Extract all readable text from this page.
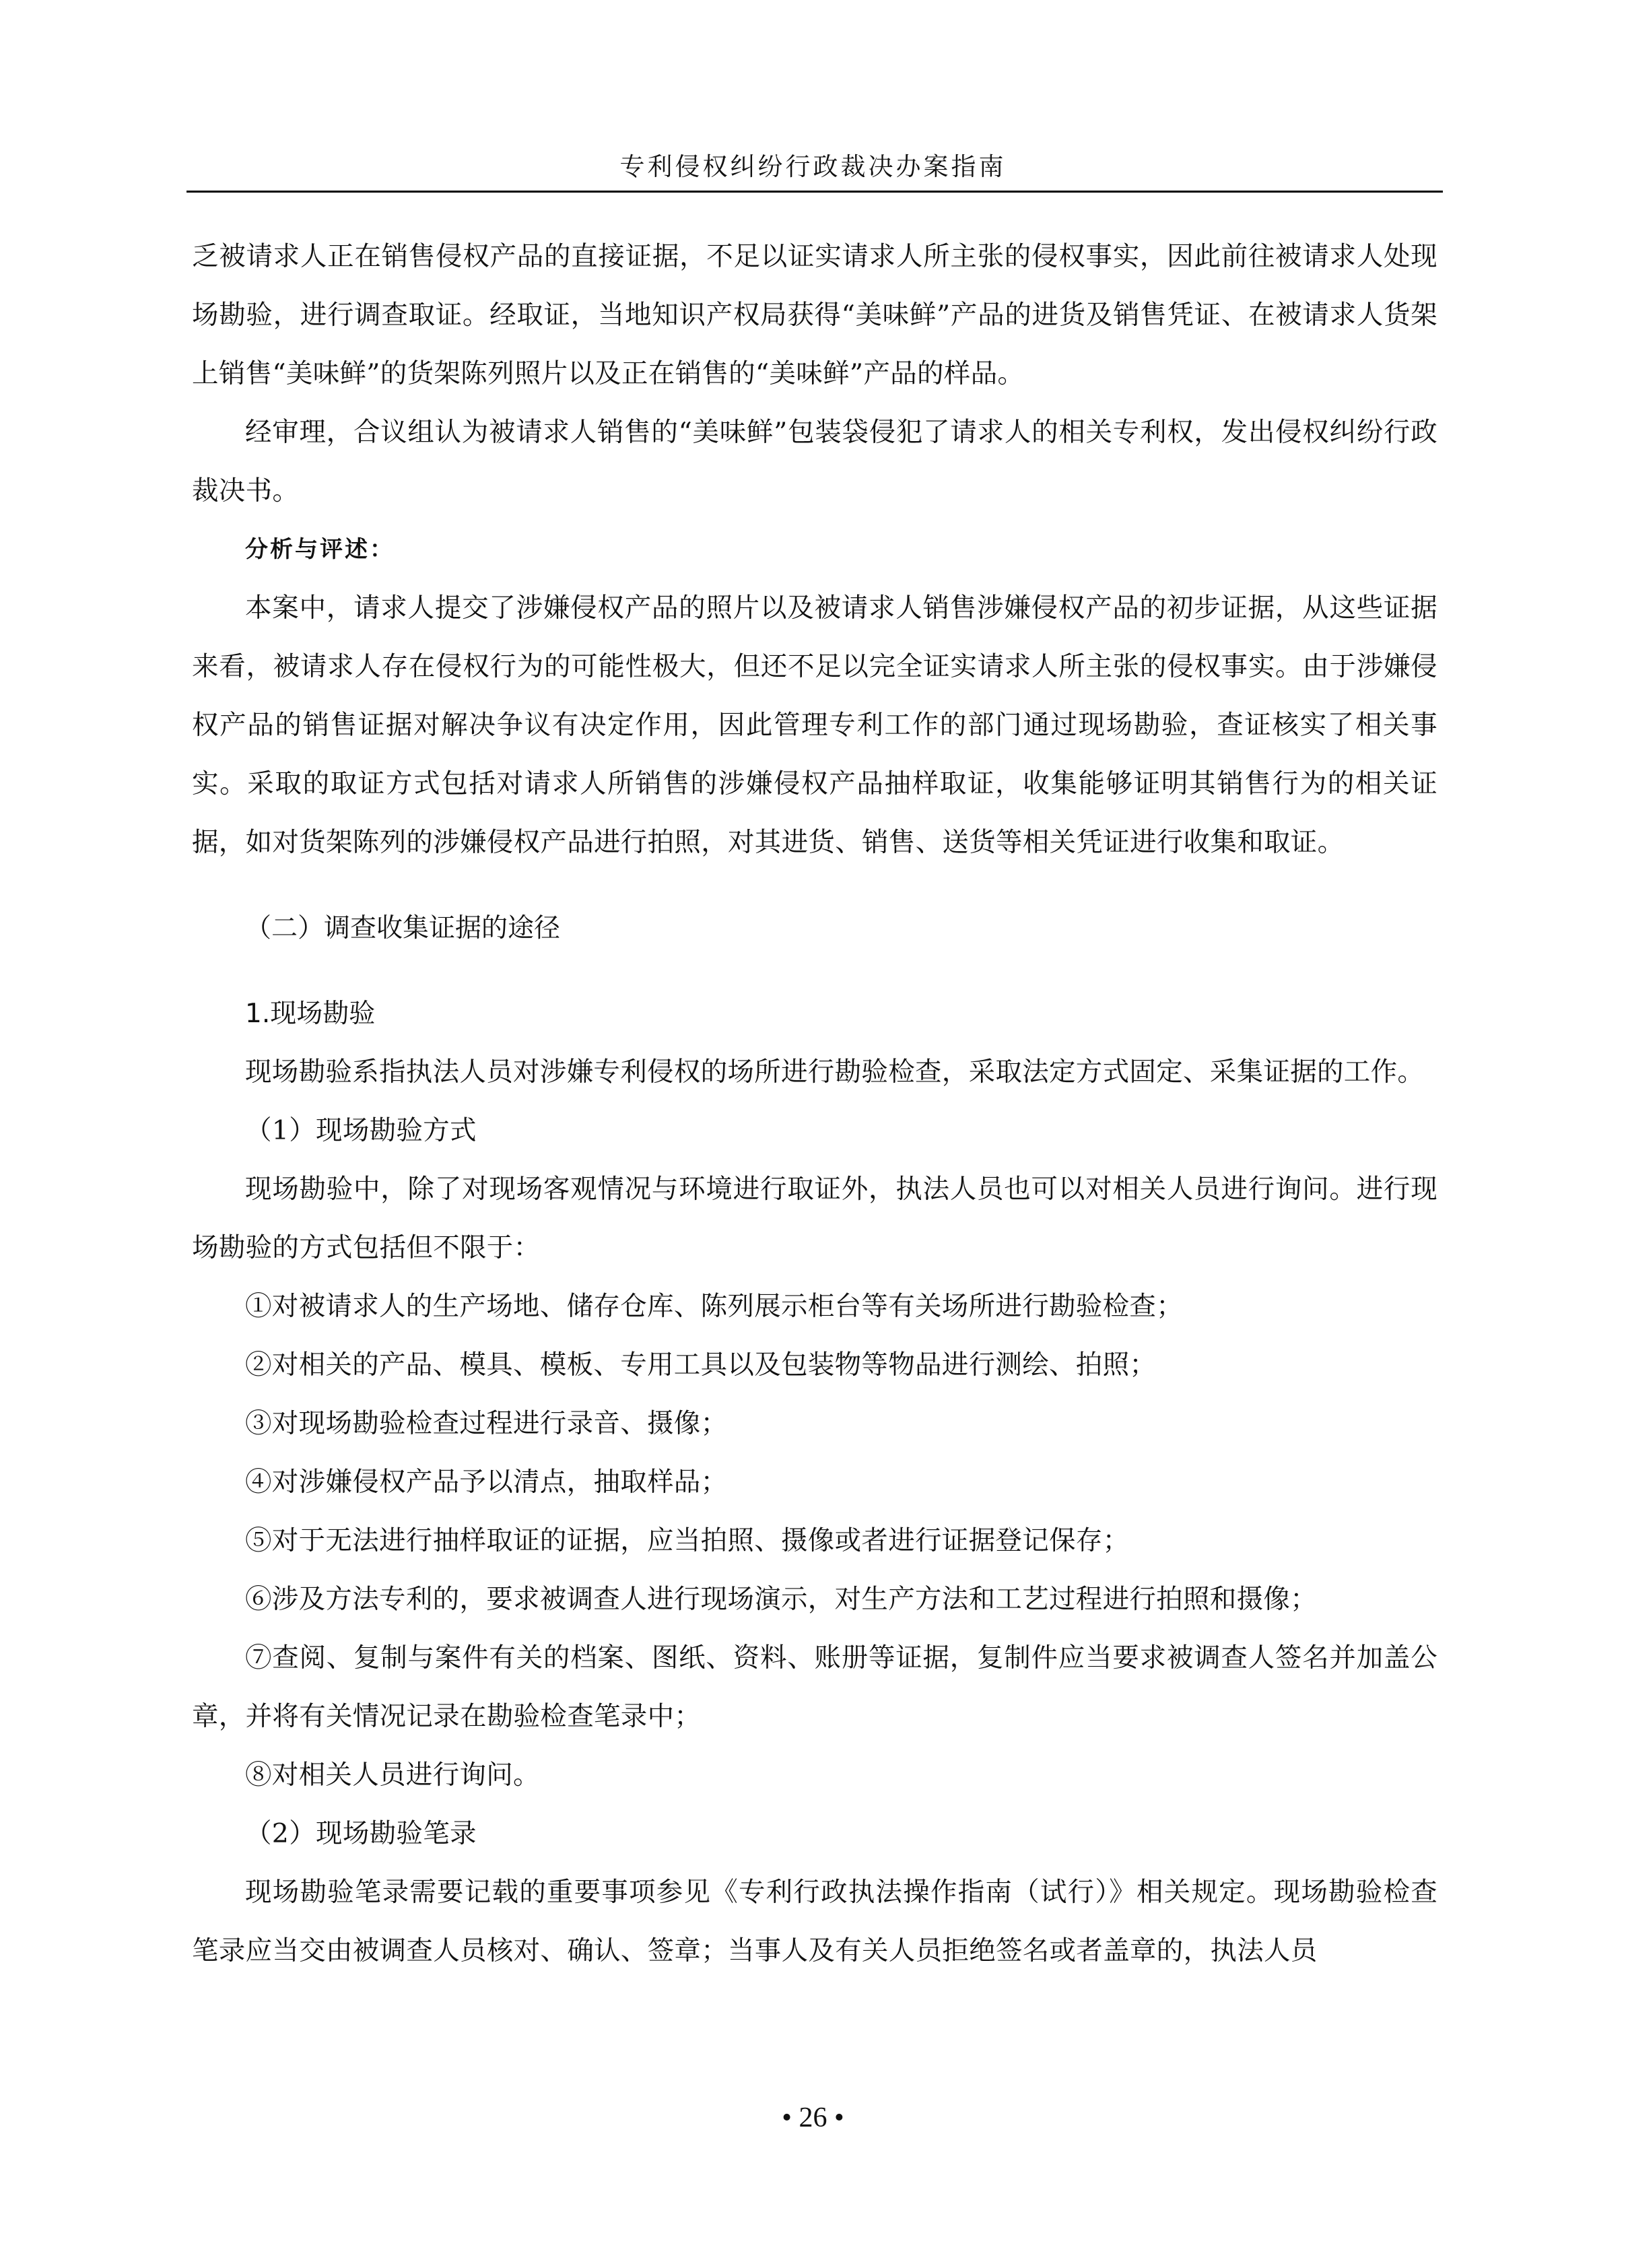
专利侵权纠纷行政裁决办案指南

乏被请求人正在销售侵权产品的直接证据，不足以证实请求人所主张的侵权事实，因此前往被请求人处现场勘验，进行调查取证。经取证，当地知识产权局获得“美味鲜”产品的进货及销售凭证、在被请求人货架上销售“美味鲜”的货架陈列照片以及正在销售的“美味鲜”产品的样品。

经审理，合议组认为被请求人销售的“美味鲜”包装袋侵犯了请求人的相关专利权，发出侵权纠纷行政裁决书。

分析与评述：

本案中，请求人提交了涉嫌侵权产品的照片以及被请求人销售涉嫌侵权产品的初步证据，从这些证据来看，被请求人存在侵权行为的可能性极大，但还不足以完全证实请求人所主张的侵权事实。由于涉嫌侵权产品的销售证据对解决争议有决定作用，因此管理专利工作的部门通过现场勘验，查证核实了相关事实。采取的取证方式包括对请求人所销售的涉嫌侵权产品抽样取证，收集能够证明其销售行为的相关证据，如对货架陈列的涉嫌侵权产品进行拍照，对其进货、销售、送货等相关凭证进行收集和取证。

（二）调查收集证据的途径

1.现场勘验

现场勘验系指执法人员对涉嫌专利侵权的场所进行勘验检查，采取法定方式固定、采集证据的工作。

（1）现场勘验方式

现场勘验中，除了对现场客观情况与环境进行取证外，执法人员也可以对相关人员进行询问。进行现场勘验的方式包括但不限于：

①对被请求人的生产场地、储存仓库、陈列展示柜台等有关场所进行勘验检查；

②对相关的产品、模具、模板、专用工具以及包装物等物品进行测绘、拍照；

③对现场勘验检查过程进行录音、摄像；

④对涉嫌侵权产品予以清点，抽取样品；

⑤对于无法进行抽样取证的证据，应当拍照、摄像或者进行证据登记保存；

⑥涉及方法专利的，要求被调查人进行现场演示，对生产方法和工艺过程进行拍照和摄像；

⑦查阅、复制与案件有关的档案、图纸、资料、账册等证据，复制件应当要求被调查人签名并加盖公章，并将有关情况记录在勘验检查笔录中；

⑧对相关人员进行询问。

（2）现场勘验笔录

现场勘验笔录需要记载的重要事项参见《专利行政执法操作指南（试行）》相关规定。现场勘验检查笔录应当交由被调查人员核对、确认、签章；当事人及有关人员拒绝签名或者盖章的，执法人员

• 26 •
